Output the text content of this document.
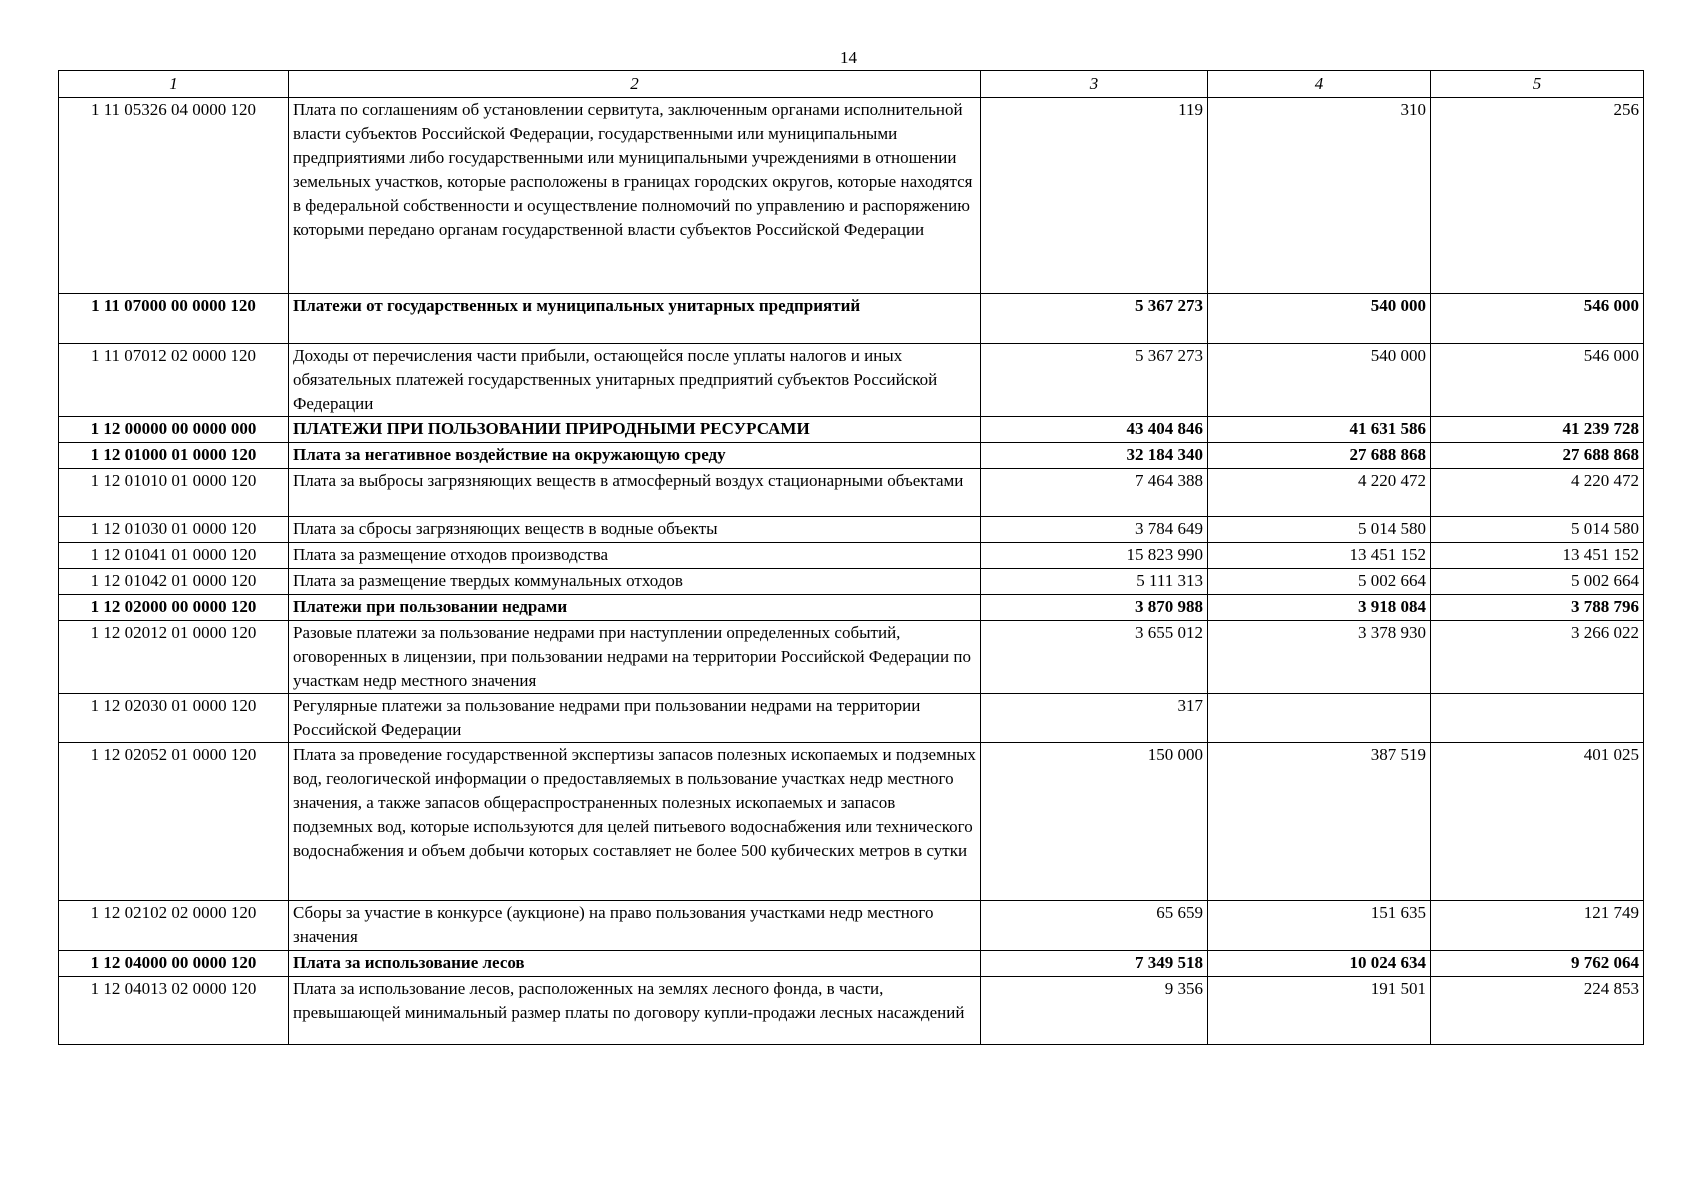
14
1	2	3	4	5
1 11 05326 04 0000 120	Плата по соглашениям об установлении сервитута, заключенным органами исполнительной власти субъектов Российской Федерации, государственными или муниципальными предприятиями либо государственными или муниципальными учреждениями в отношении земельных участков, которые расположены в границах городских округов, которые находятся в федеральной собственности и осуществление полномочий по управлению и распоряжению которыми передано органам государственной власти субъектов Российской Федерации	119	310	256
1 11 07000 00 0000 120	Платежи от государственных и муниципальных унитарных предприятий	5 367 273	540 000	546 000
1 11 07012 02 0000 120	Доходы от перечисления части прибыли, остающейся после уплаты налогов и иных обязательных платежей государственных унитарных предприятий субъектов Российской Федерации	5 367 273	540 000	546 000
1 12 00000 00 0000 000	ПЛАТЕЖИ ПРИ ПОЛЬЗОВАНИИ ПРИРОДНЫМИ РЕСУРСАМИ	43 404 846	41 631 586	41 239 728
1 12 01000 01 0000 120	Плата за негативное воздействие на окружающую среду	32 184 340	27 688 868	27 688 868
1 12 01010 01 0000 120	Плата за выбросы загрязняющих веществ в атмосферный воздух стационарными объектами	7 464 388	4 220 472	4 220 472
1 12 01030 01 0000 120	Плата за сбросы загрязняющих веществ в водные объекты	3 784 649	5 014 580	5 014 580
1 12 01041 01 0000 120	Плата за размещение отходов производства	15 823 990	13 451 152	13 451 152
1 12 01042 01 0000 120	Плата за размещение твердых коммунальных отходов	5 111 313	5 002 664	5 002 664
1 12 02000 00 0000 120	Платежи при пользовании недрами	3 870 988	3 918 084	3 788 796
1 12 02012 01 0000 120	Разовые платежи за пользование недрами при наступлении определенных событий, оговоренных в лицензии, при пользовании недрами на территории Российской Федерации по участкам недр местного значения	3 655 012	3 378 930	3 266 022
1 12 02030 01 0000 120	Регулярные платежи за пользование недрами при пользовании недрами на территории Российской Федерации	317		
1 12 02052 01 0000 120	Плата за проведение государственной экспертизы запасов полезных ископаемых и подземных вод, геологической информации о предоставляемых в пользование участках недр местного значения, а также запасов общераспространенных полезных ископаемых и запасов подземных вод, которые используются для целей питьевого водоснабжения или технического водоснабжения и объем добычи которых составляет не более 500 кубических метров в сутки	150 000	387 519	401 025
1 12 02102 02 0000 120	Сборы за участие в конкурсе (аукционе) на право пользования участками недр местного значения	65 659	151 635	121 749
1 12 04000 00 0000 120	Плата за использование лесов	7 349 518	10 024 634	9 762 064
1 12 04013 02 0000 120	Плата за использование лесов, расположенных на землях лесного фонда, в части, превышающей минимальный размер платы по договору купли-продажи лесных насаждений	9 356	191 501	224 853
